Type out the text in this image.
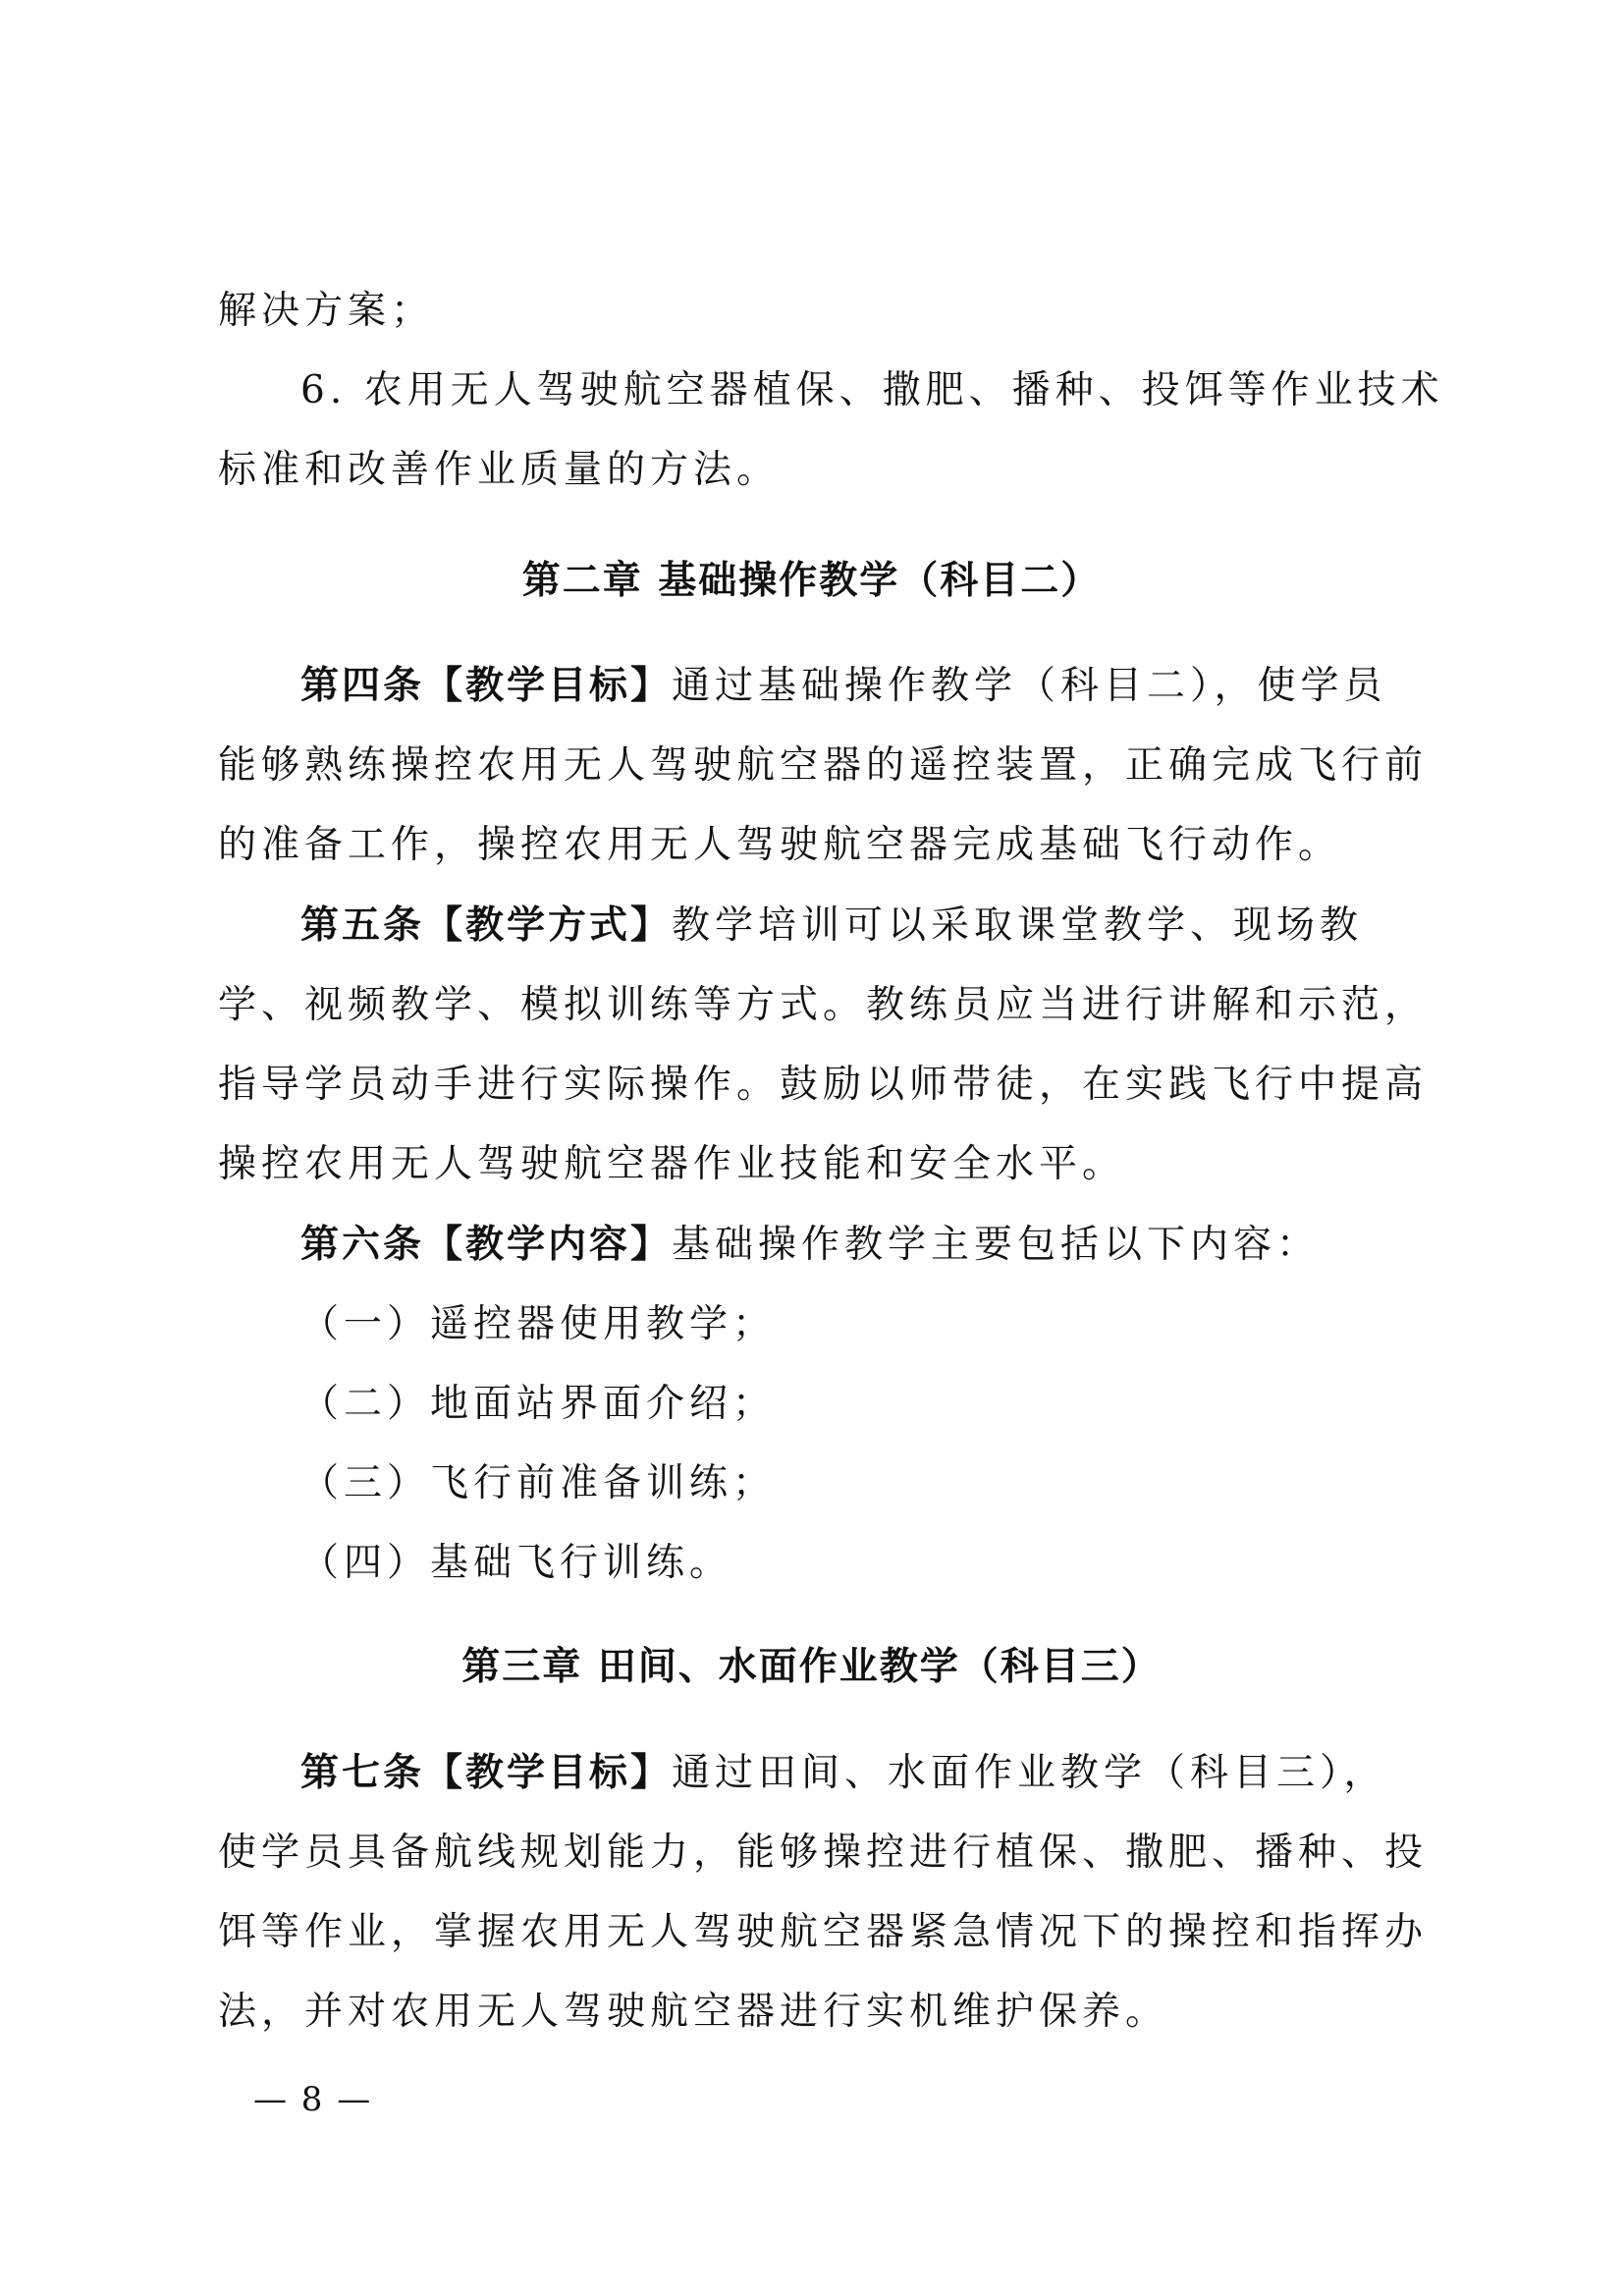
解决方案；
6. 农用无人驾驶航空器植保、撒肥、播种、投饵等作业技术
标准和改善作业质量的方法。
第二章 基础操作教学（科目二）
第四条【教学目标】通过基础操作教学（科目二），使学员
能够熟练操控农用无人驾驶航空器的遥控装置，正确完成飞行前
的准备工作，操控农用无人驾驶航空器完成基础飞行动作。
第五条【教学方式】教学培训可以采取课堂教学、现场教
学、视频教学、模拟训练等方式。教练员应当进行讲解和示范，
指导学员动手进行实际操作。鼓励以师带徒，在实践飞行中提高
操控农用无人驾驶航空器作业技能和安全水平。
第六条【教学内容】基础操作教学主要包括以下内容：
（一）遥控器使用教学；
（二）地面站界面介绍；
（三）飞行前准备训练；
（四）基础飞行训练。
第三章 田间、水面作业教学（科目三）
第七条【教学目标】通过田间、水面作业教学（科目三），
使学员具备航线规划能力，能够操控进行植保、撒肥、播种、投
饵等作业，掌握农用无人驾驶航空器紧急情况下的操控和指挥办
法，并对农用无人驾驶航空器进行实机维护保养。
— 8 —
